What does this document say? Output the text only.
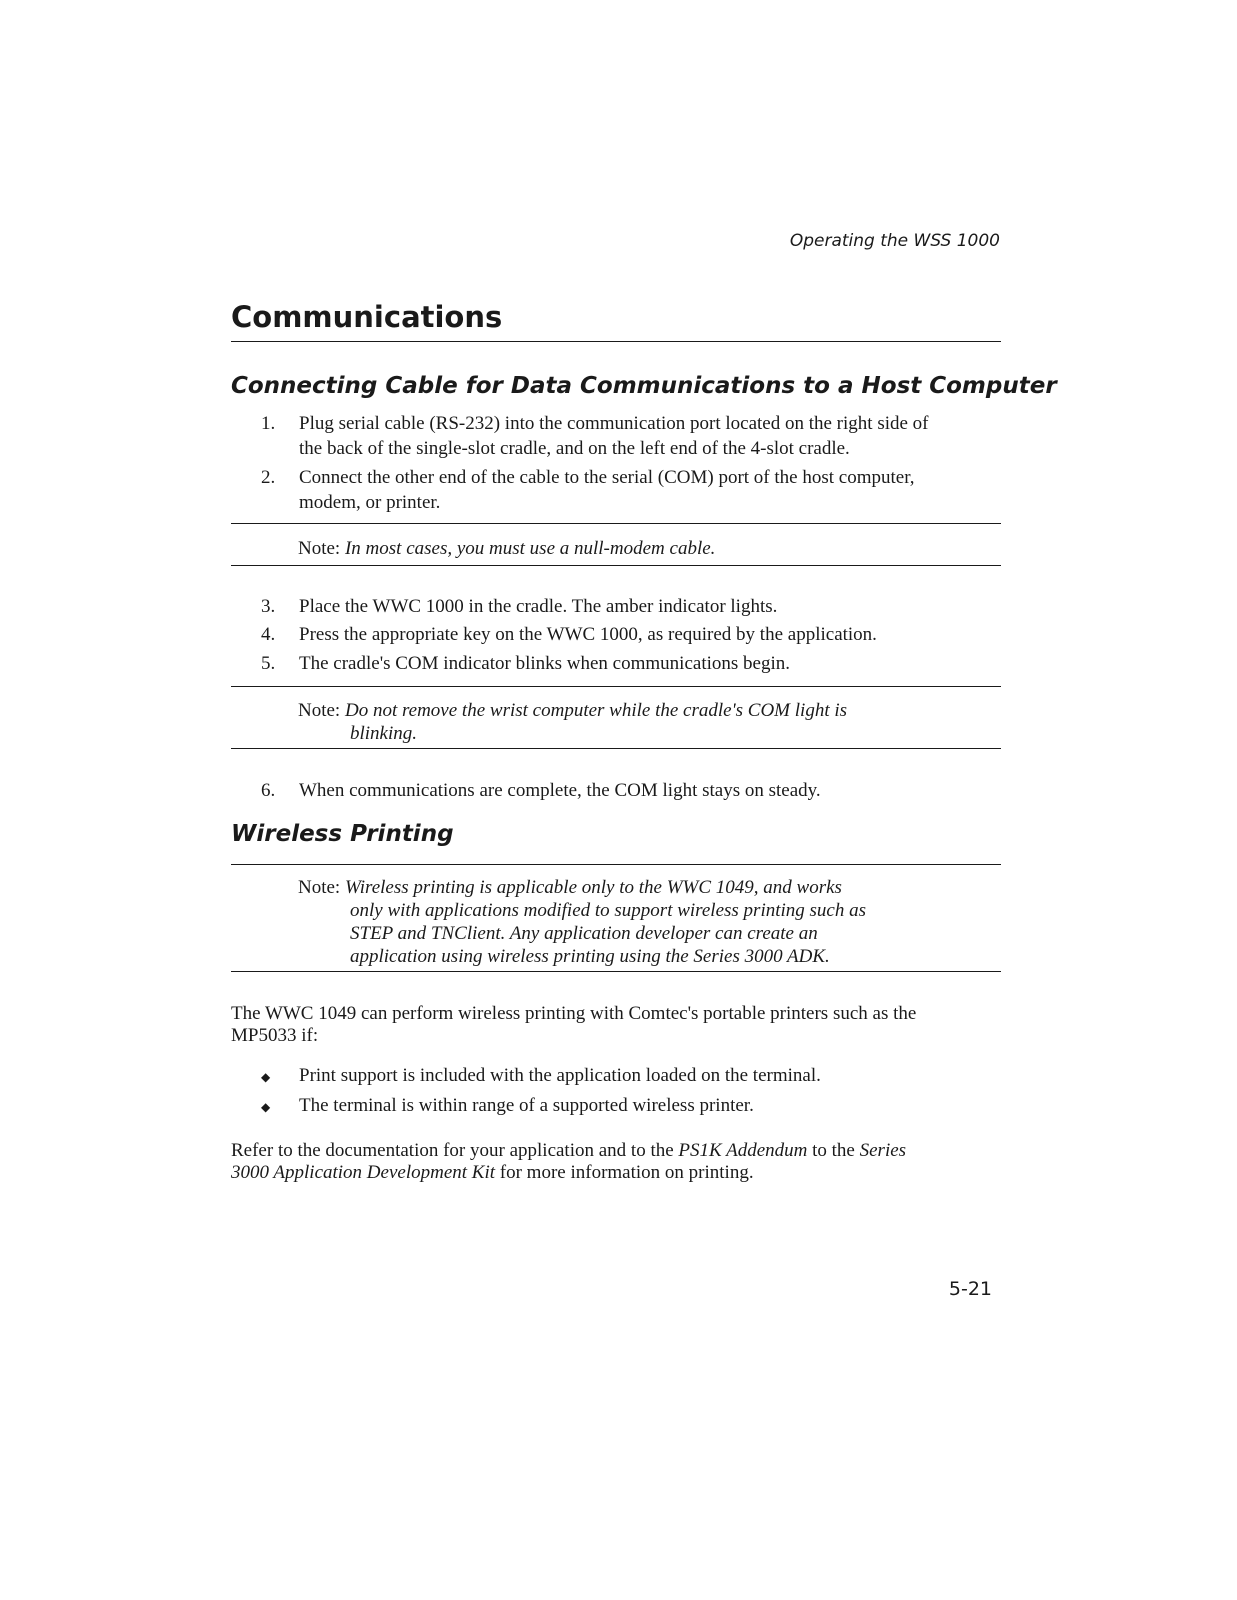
Operating the WSS 1000
Communications
Connecting Cable for Data Communications to a Host Computer
1.	Plug serial cable (RS-232) into the communication port located on the right side of
the back of the single-slot cradle, and on the left end of the 4-slot cradle.
2.	Connect the other end of the cable to the serial (COM) port of the host computer,
modem, or printer.
Note: In most cases, you must use a null-modem cable.
3.	Place the WWC 1000 in the cradle. The amber indicator lights.
4.	Press the appropriate key on the WWC 1000, as required by the application.
5.	The cradle's COM indicator blinks when communications begin.
Note: Do not remove the wrist computer while the cradle's COM light is
blinking.
6.	When communications are complete, the COM light stays on steady.
Wireless Printing
Note: Wireless printing is applicable only to the WWC 1049, and works
only with applications modified to support wireless printing such as
STEP and TNClient. Any application developer can create an
application using wireless printing using the Series 3000 ADK.
The WWC 1049 can perform wireless printing with Comtec's portable printers such as the
MP5033 if:
◆ Print support is included with the application loaded on the terminal.
◆ The terminal is within range of a supported wireless printer.
Refer to the documentation for your application and to the PS1K Addendum to the Series
3000 Application Development Kit for more information on printing.
5-21
